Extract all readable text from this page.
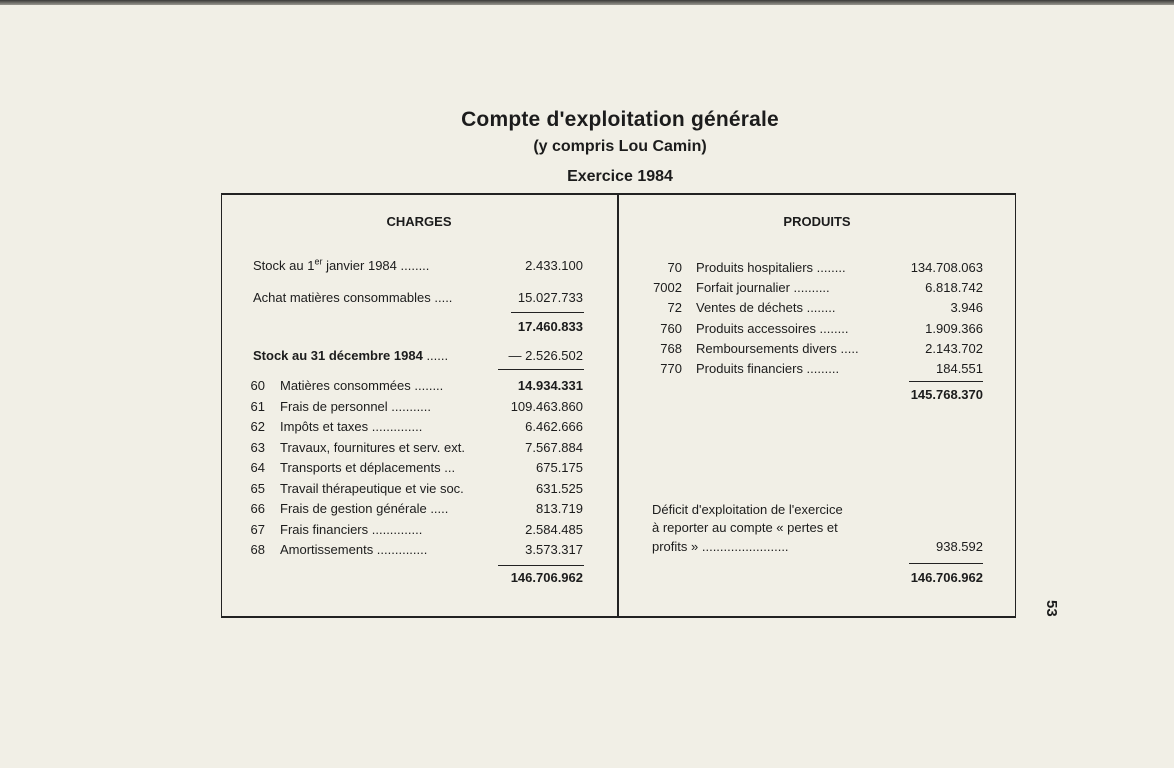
Compte d'exploitation générale
(y compris Lou Camin)
Exercice 1984
CHARGES
Stock au 1er janvier 1984 ........	2.433.100
Achat matières consommables .....	15.027.733
17.460.833
Stock au 31 décembre 1984 ......	— 2.526.502
60 Matières consommées ........	14.934.331
61 Frais de personnel ...........	109.463.860
62 Impôts et taxes ..............	6.462.666
63 Travaux, fournitures et serv. ext.	7.567.884
64 Transports et déplacements ...	675.175
65 Travail thérapeutique et vie soc.	631.525
66 Frais de gestion générale .....	813.719
67 Frais financiers ..............	2.584.485
68 Amortissements ..............	3.573.317
146.706.962
PRODUITS
70 Produits hospitaliers ........	134.708.063
7002 Forfait journalier ..........	6.818.742
72 Ventes de déchets ........	3.946
760 Produits accessoires ........	1.909.366
768 Remboursements divers .....	2.143.702
770 Produits financiers .........	184.551
145.768.370
Déficit d'exploitation de l'exercice
à reporter au compte « pertes et
profits » ........................	938.592
146.706.962
53
